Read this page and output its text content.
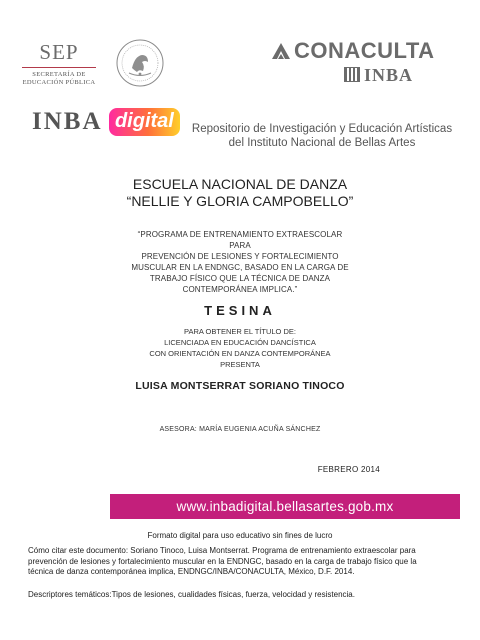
SEP
SECRETARÍA DE
EDUCACIÓN PÚBLICA
CONACULTA
INBA
INBA digital	Repositorio de Investigación y Educación Artísticas
del Instituto Nacional de Bellas Artes
ESCUELA NACIONAL DE DANZA
“NELLIE Y GLORIA CAMPOBELLO”
“PROGRAMA DE ENTRENAMIENTO EXTRAESCOLAR PARA
PREVENCIÓN DE LESIONES Y FORTALECIMIENTO
MUSCULAR EN LA ENDNGC, BASADO EN LA CARGA DE
TRABAJO FÍSICO QUE LA TÉCNICA DE DANZA
CONTEMPORÁNEA IMPLICA.”
TESINA
PARA OBTENER EL TÍTULO DE:
LICENCIADA EN EDUCACIÓN DANCÍSTICA
CON ORIENTACIÓN EN DANZA CONTEMPORÁNEA
PRESENTA
LUISA MONTSERRAT SORIANO TINOCO
ASESORA: MARÍA EUGENIA ACUÑA SÁNCHEZ
FEBRERO 2014
www.inbadigital.bellasartes.gob.mx
Formato digital para uso educativo sin fines de lucro
Cómo citar este documento: Soriano Tinoco, Luisa Montserrat. Programa de entrenamiento extraescolar para
prevención de lesiones y fortalecimiento muscular en la ENDNGC, basado en la carga de trabajo físico que la
técnica de danza contemporánea implica, ENDNGC/INBA/CONACULTA, México, D.F. 2014.
Descriptores temáticos:Tipos de lesiones, cualidades físicas, fuerza, velocidad y resistencia.
